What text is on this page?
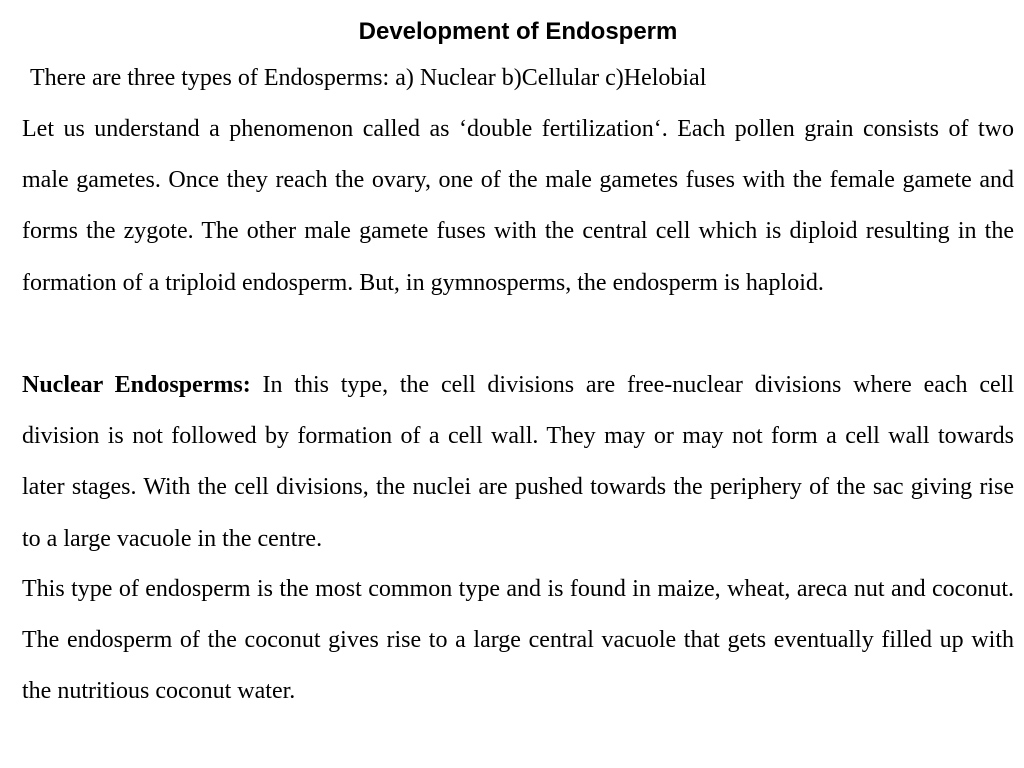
Development of Endosperm

There are three types of Endosperms: a) Nuclear b)Cellular c)Helobial

Let us understand a phenomenon called as ‘double fertilization‘. Each pollen grain consists of two male gametes. Once they reach the ovary, one of the male gametes fuses with the female gamete and forms the zygote. The other male gamete fuses with the central cell which is diploid resulting in the formation of a triploid endosperm. But, in gymnosperms, the endosperm is haploid.

Nuclear Endosperms: In this type, the cell divisions are free-nuclear divisions where each cell division is not followed by formation of a cell wall. They may or may not form a cell wall towards later stages. With the cell divisions, the nuclei are pushed towards the periphery of the sac giving rise to a large vacuole in the centre.

This type of endosperm is the most common type and is found in maize, wheat, areca nut and coconut. The endosperm of the coconut gives rise to a large central vacuole that gets eventually filled up with the nutritious coconut water.
